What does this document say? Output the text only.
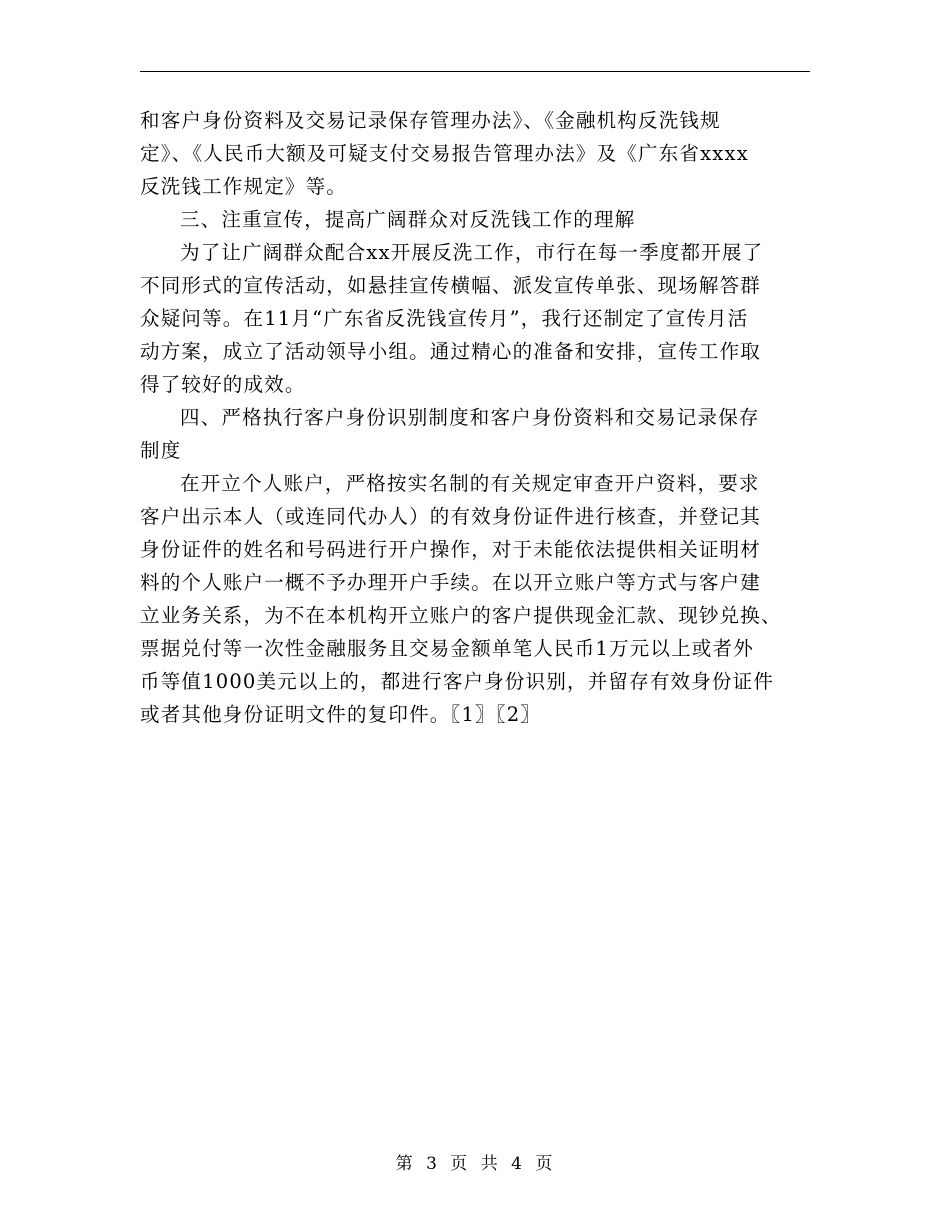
和客户身份资料及交易记录保存管理办法》、《金融机构反洗钱规
定》、《人民币大额及可疑支付交易报告管理办法》及《广东省xxxx
反洗钱工作规定》等。
三、注重宣传，提高广阔群众对反洗钱工作的理解
为了让广阔群众配合xx开展反洗工作，市行在每一季度都开展了
不同形式的宣传活动，如悬挂宣传横幅、派发宣传单张、现场解答群
众疑问等。在11月“广东省反洗钱宣传月”，我行还制定了宣传月活
动方案，成立了活动领导小组。通过精心的准备和安排，宣传工作取
得了较好的成效。
四、严格执行客户身份识别制度和客户身份资料和交易记录保存
制度
在开立个人账户，严格按实名制的有关规定审查开户资料，要求
客户出示本人（或连同代办人）的有效身份证件进行核查，并登记其
身份证件的姓名和号码进行开户操作，对于未能依法提供相关证明材
料的个人账户一概不予办理开户手续。在以开立账户等方式与客户建
立业务关系，为不在本机构开立账户的客户提供现金汇款、现钞兑换、
票据兑付等一次性金融服务且交易金额单笔人民币1万元以上或者外
币等值1000美元以上的，都进行客户身份识别，并留存有效身份证件
或者其他身份证明文件的复印件。〖1〗〖2〗
第 3 页 共 4 页
